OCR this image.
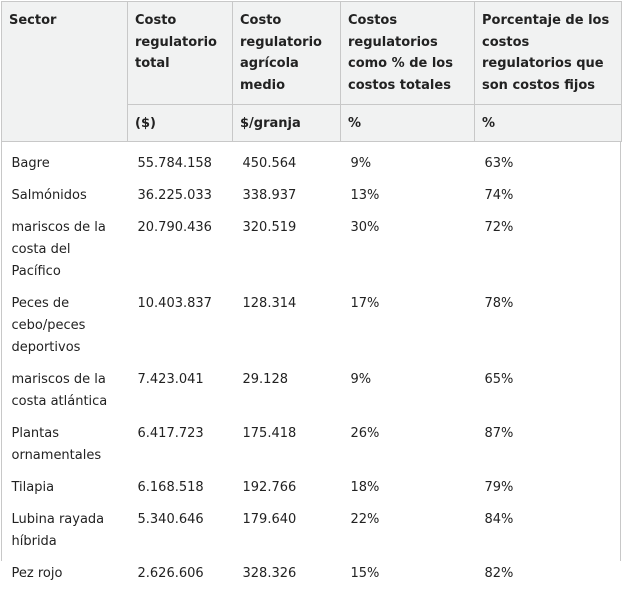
Sector	Costo regulatorio total	Costo regulatorio agrícola medio	Costos regulatorios como % de los costos totales	Porcentaje de los costos regulatorios que son costos fijos
	($)	$/granja	%	%
Bagre	55.784.158	450.564	9%	63%
Salmónidos	36.225.033	338.937	13%	74%
mariscos de la costa del Pacífico	20.790.436	320.519	30%	72%
Peces de cebo/peces deportivos	10.403.837	128.314	17%	78%
mariscos de la costa atlántica	7.423.041	29.128	9%	65%
Plantas ornamentales	6.417.723	175.418	26%	87%
Tilapia	6.168.518	192.766	18%	79%
Lubina rayada híbrida	5.340.646	179.640	22%	84%
Pez rojo	2.626.606	328.326	15%	82%
